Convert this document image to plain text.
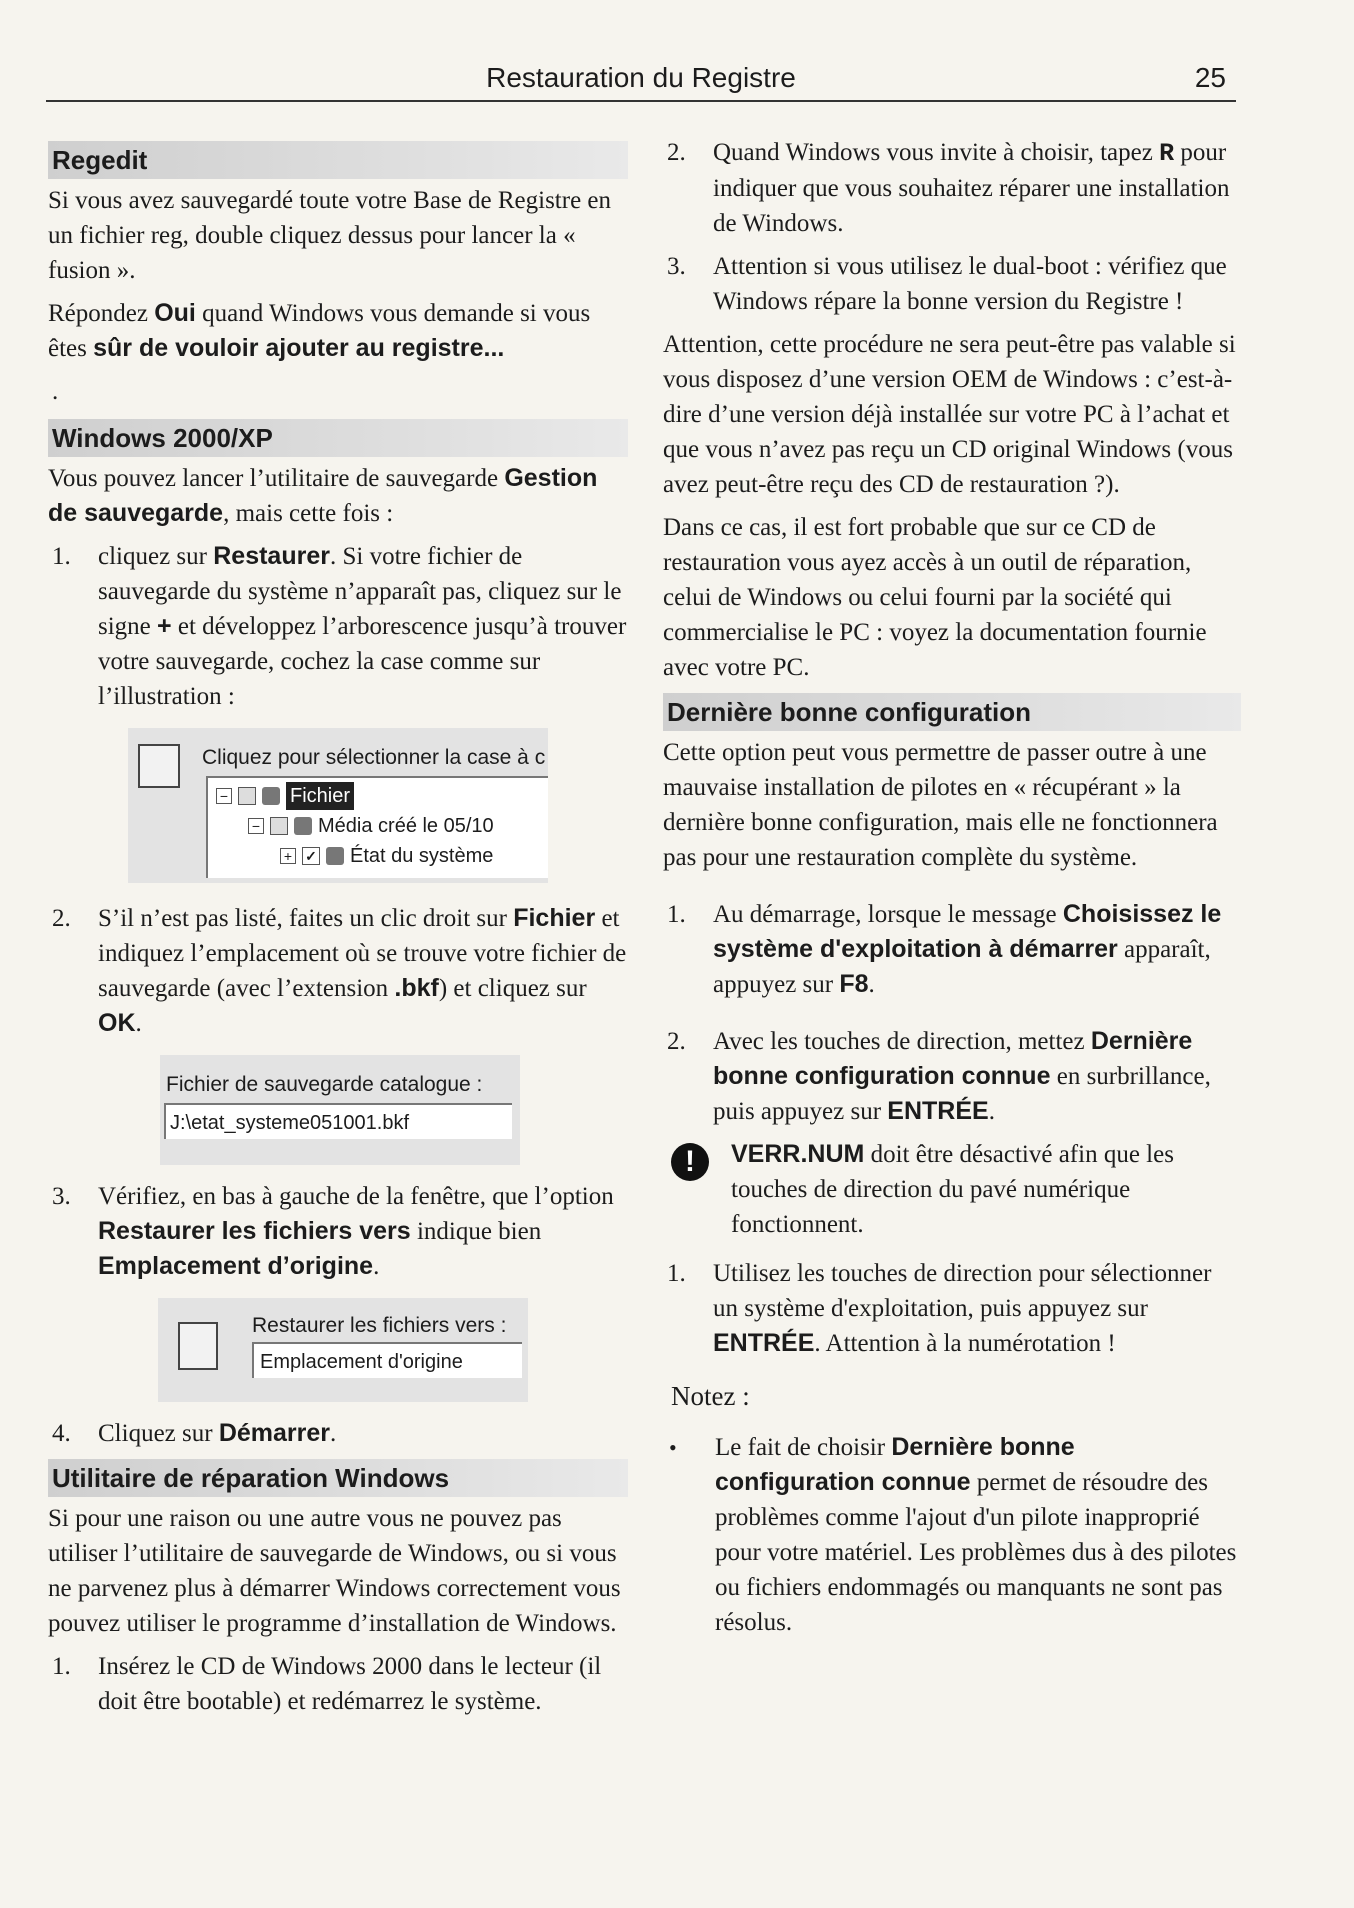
Restauration du Registre	25
Regedit

Si vous avez sauvegardé toute votre Base de Registre en un fichier reg, double cliquez dessus pour lancer la « fusion ».

Répondez Oui quand Windows vous demande si vous êtes sûr de vouloir ajouter au registre...

.
Windows 2000/XP

Vous pouvez lancer l’utilitaire de sauvegarde Gestion de sauvegarde, mais cette fois :

1.	cliquez sur Restaurer. Si votre fichier de sauvegarde du système n’apparaît pas, cliquez sur le signe + et développez l’arborescence jusqu’à trouver votre sauvegarde, cochez la case comme sur l’illustration :
Cliquez pour sélectionner la case à c
−	Fichier
−	Média créé le 05/10
+ ✓ État du système
2.	S’il n’est pas listé, faites un clic droit sur Fichier et indiquez l’emplacement où se trouve votre fichier de sauvegarde (avec l’extension .bkf) et cliquez sur OK.
Fichier de sauvegarde catalogue :
J:\etat_systeme051001.bkf
3.	Vérifiez, en bas à gauche de la fenêtre, que l’option Restaurer les fichiers vers indique bien Emplacement d’origine.
Restaurer les fichiers vers :
Emplacement d'origine
4.	Cliquez sur Démarrer.
Utilitaire de réparation Windows

Si pour une raison ou une autre vous ne pouvez pas utiliser l’utilitaire de sauvegarde de Windows, ou si vous ne parvenez plus à démarrer Windows correctement vous pouvez utiliser le programme d’installation de Windows.

1.	Insérez le CD de Windows 2000 dans le lecteur (il doit être bootable) et redémarrez le système.
2.	Quand Windows vous invite à choisir, tapez R pour indiquer que vous souhaitez réparer une installation de Windows.
3.	Attention si vous utilisez le dual-boot : vérifiez que Windows répare la bonne version du Registre !

Attention, cette procédure ne sera peut-être pas valable si vous disposez d’une version OEM de Windows : c’est-à-dire d’une version déjà installée sur votre PC à l’achat et que vous n’avez pas reçu un CD original Windows (vous avez peut-être reçu des CD de restauration ?).

Dans ce cas, il est fort probable que sur ce CD de restauration vous ayez accès à un outil de réparation, celui de Windows ou celui fourni par la société qui commercialise le PC : voyez la documentation fournie avec votre PC.

Dernière bonne configuration

Cette option peut vous permettre de passer outre à une mauvaise installation de pilotes en « récupérant » la dernière bonne configuration, mais elle ne fonctionnera pas pour une restauration complète du système.

1.	Au démarrage, lorsque le message Choisissez le système d'exploitation à démarrer apparaît, appuyez sur F8.
2.	Avec les touches de direction, mettez Dernière bonne configuration connue en surbrillance, puis appuyez sur ENTRÉE.
!	VERR.NUM doit être désactivé afin que les touches de direction du pavé numérique fonctionnent.
1.	Utilisez les touches de direction pour sélectionner un système d'exploitation, puis appuyez sur ENTRÉE. Attention à la numérotation !
Notez :
•	Le fait de choisir Dernière bonne configuration connue permet de résoudre des problèmes comme l'ajout d'un pilote inapproprié pour votre matériel. Les problèmes dus à des pilotes ou fichiers endommagés ou manquants ne sont pas résolus.
